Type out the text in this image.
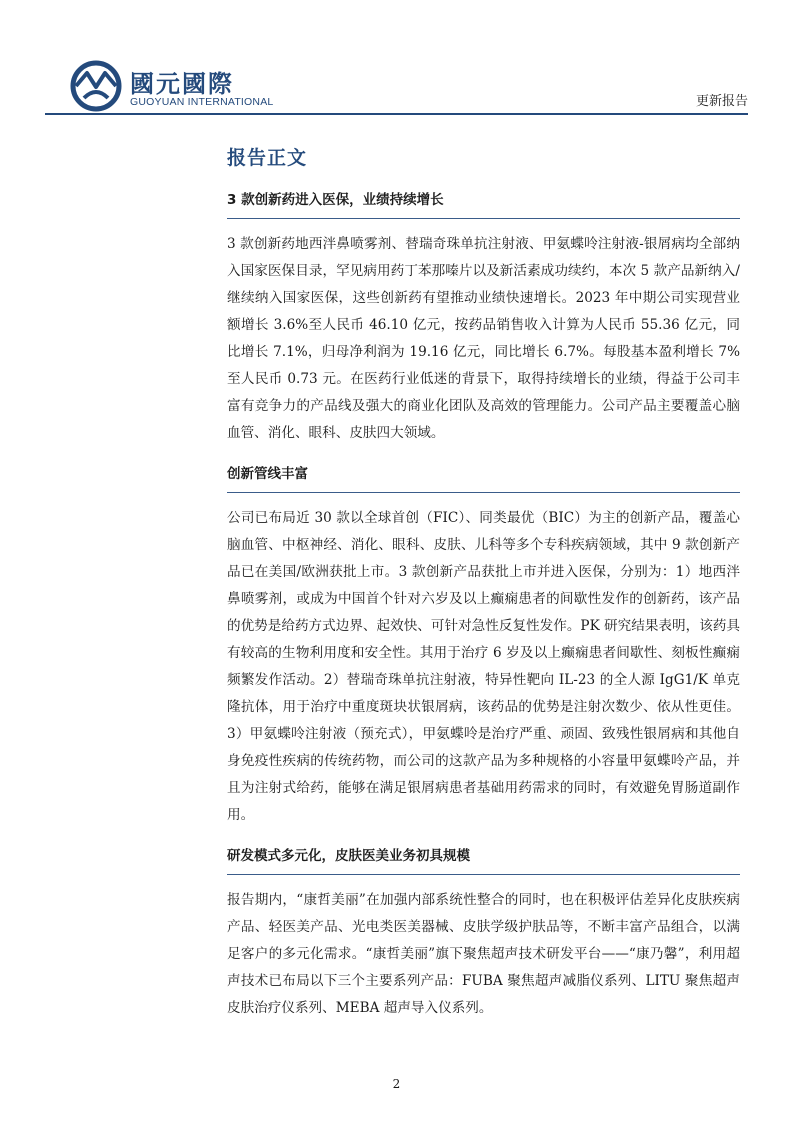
國元國際
GUOYUAN INTERNATIONAL	更新报告
报告正文
3 款创新药进入医保，业绩持续增长

3 款创新药地西泮鼻喷雾剂、替瑞奇珠单抗注射液、甲氨蝶呤注射液-银屑病均全部纳入国家医保目录，罕见病用药丁苯那嗪片以及新活素成功续约，本次 5 款产品新纳入/继续纳入国家医保，这些创新药有望推动业绩快速增长。2023 年中期公司实现营业额增长 3.6%至人民币 46.10 亿元，按药品销售收入计算为人民币 55.36 亿元，同比增长 7.1%，归母净利润为 19.16 亿元，同比增长 6.7%。每股基本盈利增长 7%至人民币 0.73 元。在医药行业低迷的背景下，取得持续增长的业绩，得益于公司丰富有竞争力的产品线及强大的商业化团队及高效的管理能力。公司产品主要覆盖心脑血管、消化、眼科、皮肤四大领域。

创新管线丰富

公司已布局近 30 款以全球首创（FIC）、同类最优（BIC）为主的创新产品，覆盖心脑血管、中枢神经、消化、眼科、皮肤、儿科等多个专科疾病领域，其中 9 款创新产品已在美国/欧洲获批上市。3 款创新产品获批上市并进入医保，分别为：1）地西泮鼻喷雾剂，或成为中国首个针对六岁及以上癫痫患者的间歇性发作的创新药，该产品的优势是给药方式边界、起效快、可针对急性反复性发作。PK 研究结果表明，该药具有较高的生物利用度和安全性。其用于治疗 6 岁及以上癫痫患者间歇性、刻板性癫痫频繁发作活动。2）替瑞奇珠单抗注射液，特异性靶向 IL-23 的全人源 IgG1/K 单克隆抗体，用于治疗中重度斑块状银屑病，该药品的优势是注射次数少、依从性更佳。3）甲氨蝶呤注射液（预充式），甲氨蝶呤是治疗严重、顽固、致残性银屑病和其他自身免疫性疾病的传统药物，而公司的这款产品为多种规格的小容量甲氨蝶呤产品，并且为注射式给药，能够在满足银屑病患者基础用药需求的同时，有效避免胃肠道副作用。

研发模式多元化，皮肤医美业务初具规模

报告期内，“康哲美丽”在加强内部系统性整合的同时，也在积极评估差异化皮肤疾病产品、轻医美产品、光电类医美器械、皮肤学级护肤品等，不断丰富产品组合，以满足客户的多元化需求。“康哲美丽”旗下聚焦超声技术研发平台——“康乃馨”，利用超声技术已布局以下三个主要系列产品：FUBA 聚焦超声减脂仪系列、LITU 聚焦超声皮肤治疗仪系列、MEBA 超声导入仪系列。

2
